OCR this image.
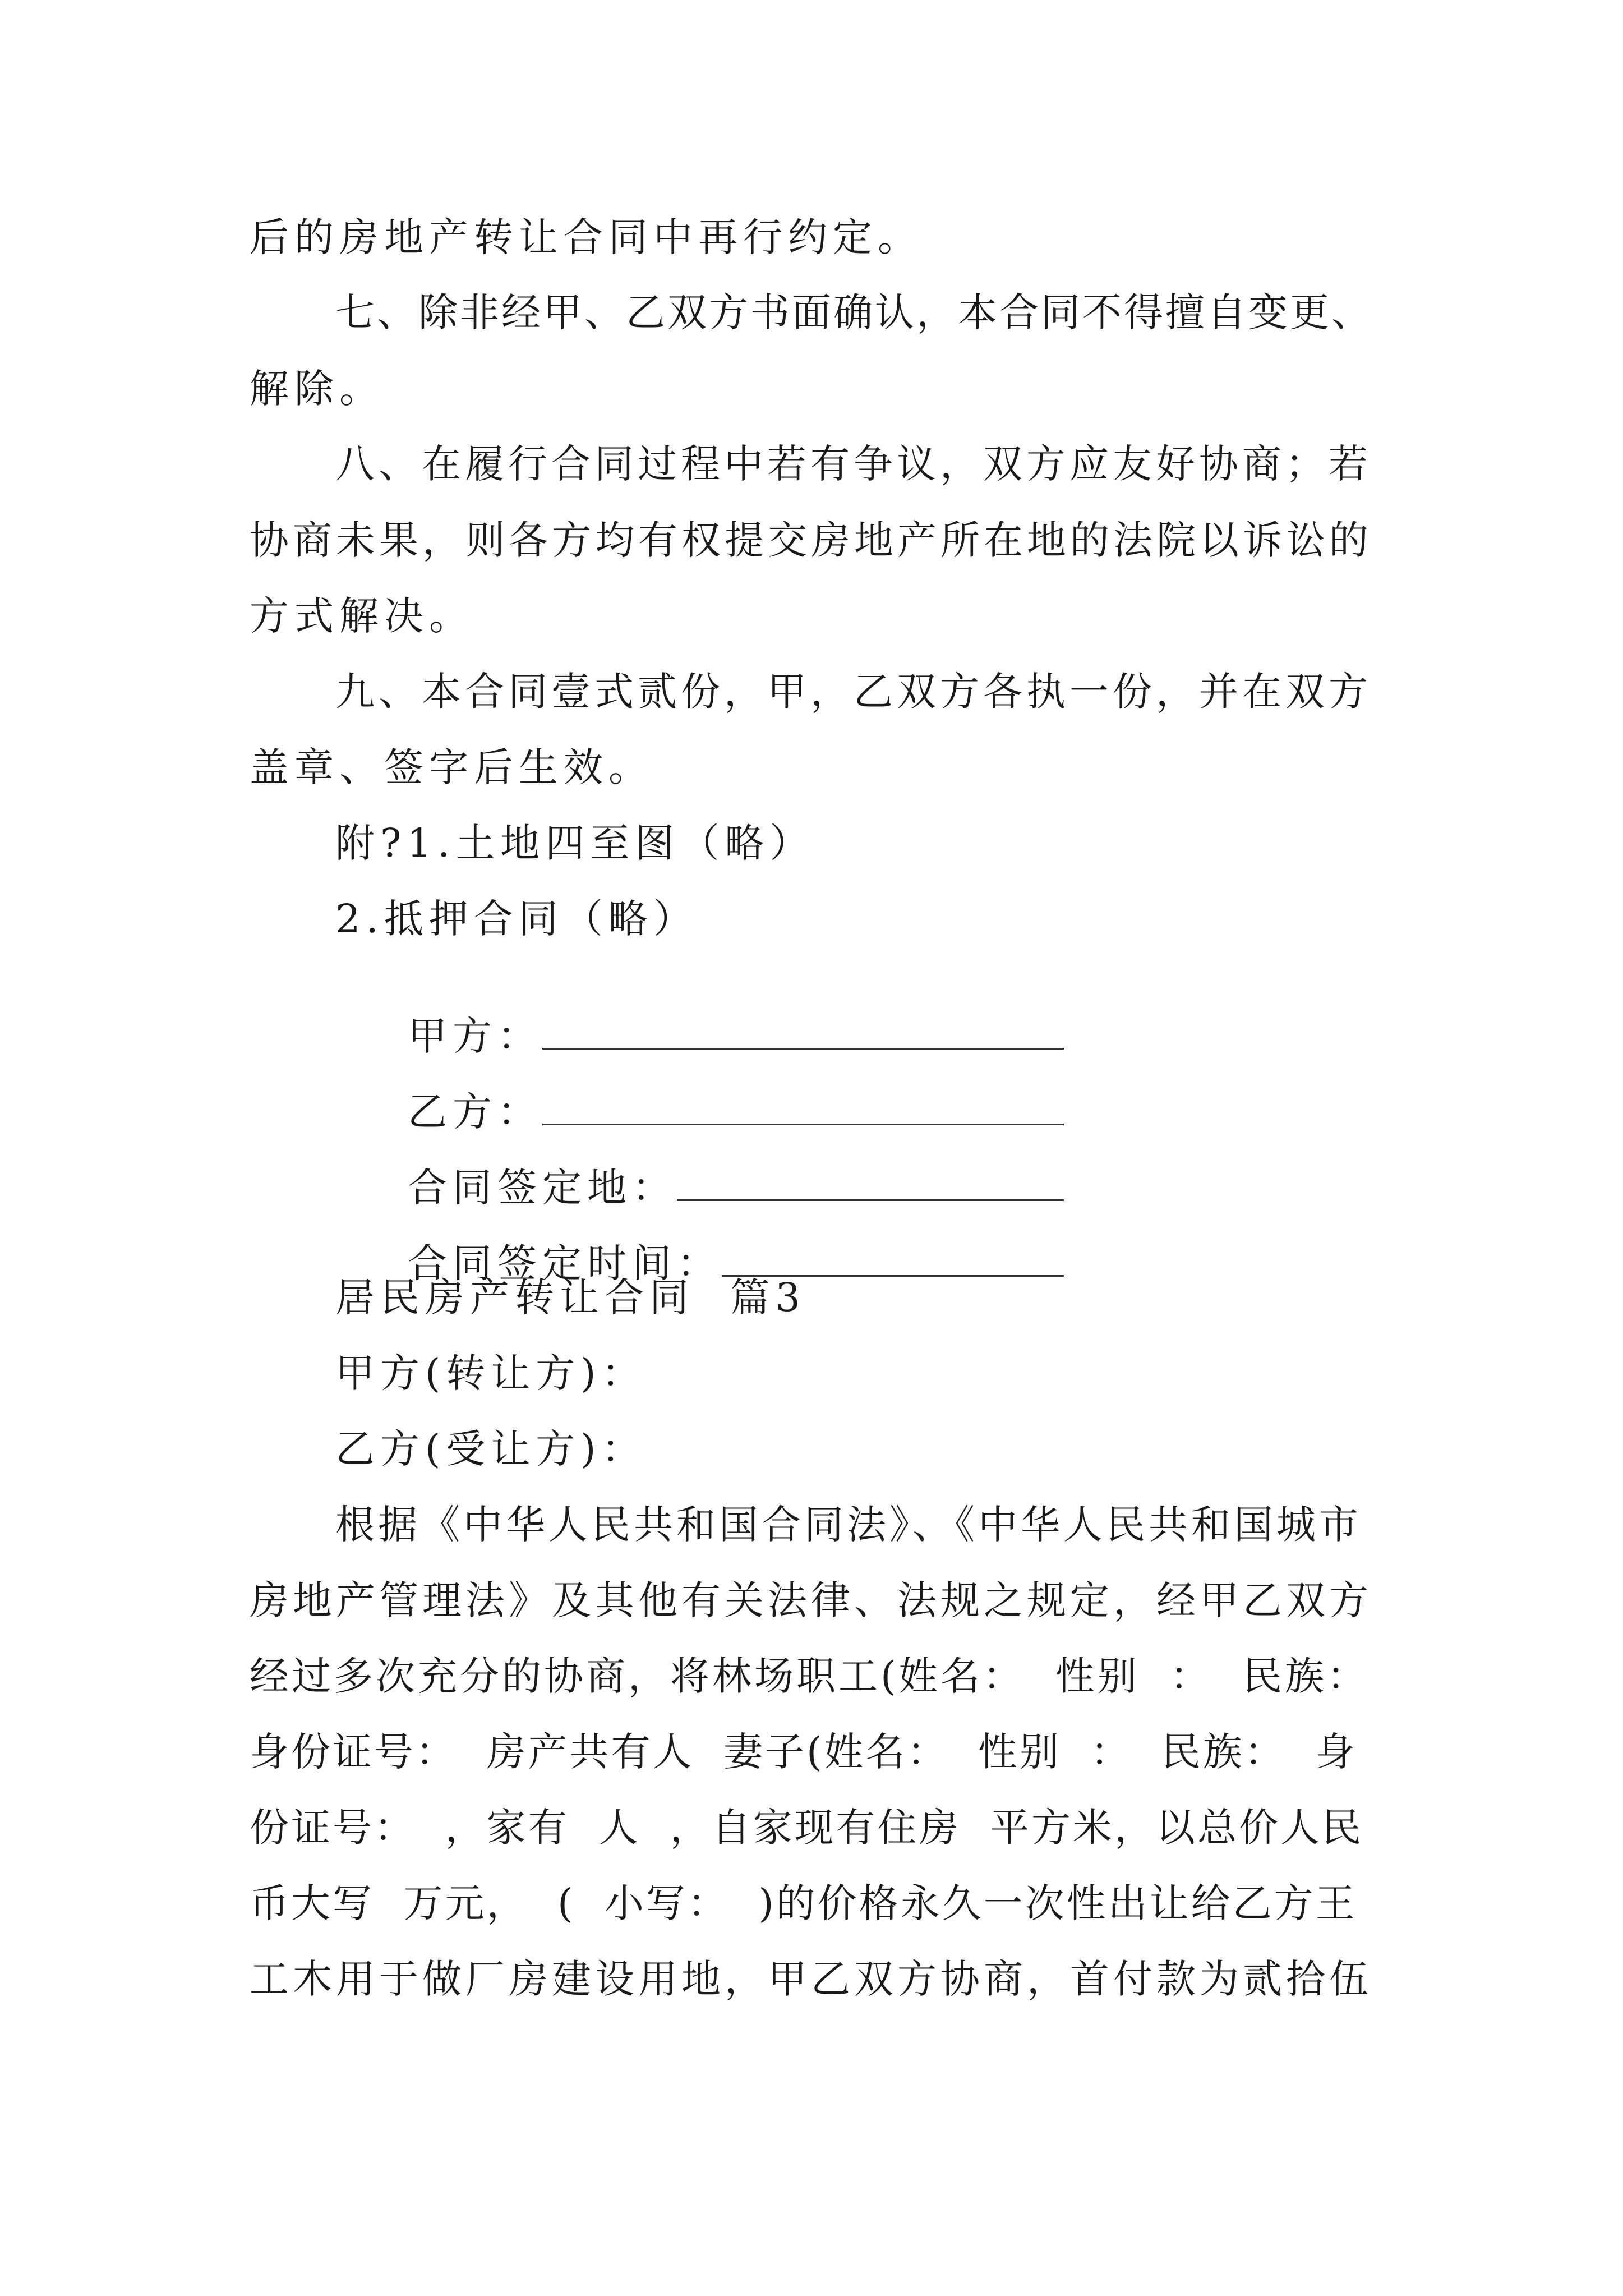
后的房地产转让合同中再行约定。
七、除非经甲、乙双方书面确认，本合同不得擅自变更、
解除。
八、在履行合同过程中若有争议，双方应友好协商；若
协商未果，则各方均有权提交房地产所在地的法院以诉讼的
方式解决。
九、本合同壹式贰份，甲，乙双方各执一份，并在双方
盖章、签字后生效。
附?1.土地四至图（略）
2.抵押合同（略）

甲方：

乙方：

合同签定地：

合同签定时间：

居民房产转让合同  篇3
甲方(转让方)：
乙方(受让方)：
根据《中华人民共和国合同法》、《中华人民共和国城市
房地产管理法》及其他有关法律、法规之规定，经甲乙双方
经过多次充分的协商，将林场职工(姓名：  性别  ：  民族：
身份证号：  房产共有人  妻子(姓名：  性别  ：  民族：  身
份证号：  ，家有  人  ，自家现有住房  平方米，以总价人民
币大写  万元，  (  小写：  )的价格永久一次性出让给乙方王
工木用于做厂房建设用地，甲乙双方协商，首付款为贰拾伍
